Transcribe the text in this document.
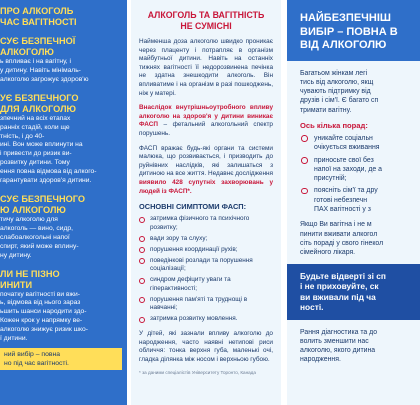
ПРО АЛКОГОЛЬ
ЧАС ВАГІТНОСТІ
СУЄ БЕЗПЕЧНОЇ
АЛКОГОЛЮ
ь впливає і на вагітну, і
у дитину. Навіть мінімаль-
алкоголю загрожує здоров'ю
УЄ БЕЗПЕЧНОГО
ДЛЯ АЛКОГОЛЮ
зпечний на всіх етапах
ранніх стадій, коли ще
тність, і до 40-
ині. Вон може вплинути на
і привести до ризик ви-
розвитку дитини. Тому
ення повна відмова від алкого-
гарантувати здоров'я дитини.
СУЄ БЕЗПЕЧНОГО
Ю АЛКОГОЛЮ
тичу алкоголю для
алкоголь — вино, сидр,
слабоалкогольні напої
спирт, який може вплину-
ну дитину.
ЛИ НЕ ПІЗНО
ИНИТИ
початку вагітності ви вжи-
ь, відмова від нього зараз
ьшить шанси народити здо-
Кожен крок у напрямку ве-
алкоголю знижує ризик шко-
ї дитини.
ний вибір – повна
но під час вагітності.
АЛКОГОЛЬ ТА ВАГІТНІСТЬ
НЕ СУМІСНІ

Найменша доза алкоголю швидко проникає через плаценту і потрапляє в організм майбутньої дитини. Навіть на останніх тижнях вагітності її недорозвинена печінка не здатна знешкодити алкоголь. Він впливатиме і на організм в разі пошкоджень, ніж у матері.

Внаслідок внутрішньоутробного впливу алкоголю на здоров'я у дитини виникає ФАСП – фетальний алкогольний спектр порушень.

ФАСП вражає будь-які органи та системи малюка, що розвивається, і призводить до руйнівних наслідків, які залишаться з дитиною на все життя. Недавнє дослідження виявило 428 супутніх захворювань у людей із ФАСП*.

ОСНОВНІ СИМПТОМИ ФАСП:
затримка фізичного та психічного розвитку;
вади зору та слуху;
порушення координації рухів;
поведінкові розлади та порушення соціалізації;
синдром дефіциту уваги та гіперактивності;
порушення пам'яті та труднощі в навчанні;
затримка розвитку мовлення.

У дітей, які зазнали впливу алкоголю до народження, часто наявні нетипові риси обличчя: тонка верхня губа, маленькі очі, гладка ділянка між носом і верхньою губою.

* за даними спеціалістів Університету Торонто, Канада
НАЙБЕЗПЕЧНІШ
ВИБІР – ПОВНА В
ВІД АЛКОГОЛЮ
Багатьом жінкам легі
тись від алкоголю, якщ
чувають підтримку від
друзів і сім'ї. Є багато сп
тримати вагітну.
Ось кілька порад:
уникайте соціальн
очікується вживання
приносьте свої без
напої на заходи, де а
присутній;
поясніть сім'ї та дру
готові небезпечн
ПАХ вагітності у з
Якщо Ви вагітна і не м
пинити вживати алкогол
сіть пораді у свого гінекол
сімейного лікаря.
Будьте відверті зі сп
і не приховуйте, ск
ви вживали під ча
ності.
Рання діагностика та до
волить зменшити нас
алкоголю, якого дитина
народження.
